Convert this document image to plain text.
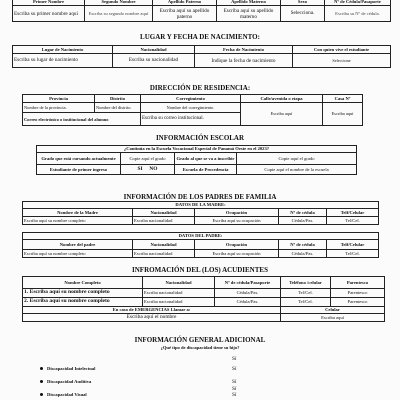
Primer Nombre	Segundo Nombre	Apellido Paterno	Apellido Materno	Sexo	Nº de Cédula/Pasaporte
Escriba su primer nombre aquí	Escriba su segundo nombre aquí	Escriba aquí su apellido paterno	Escriba aquí su apellido materno	Selecciona.	Escriba su Nº de cédula.
LUGAR Y FECHA DE NACIMIENTO:
Lugar de Nacimiento	Nacionalidad	Fecha de Nacimiento	Con quien vive el estudiante
Escriba su lugar de nacimiento	Escriba su nacionalidad	Indique la fecha de nacimiento	Seleccione
DIRECCIÓN DE RESIDENCIA:
Provincia	Distrito	Corregimiento	Calle/avenida o etapa	Casa Nº
Nombre de la provincia.	Nombre del distrito.	Nombre del corregimiento.	Escriba aquí	Escriba aquí
Correo electrónico o institucional del alumno		Escriba su correo institucional.		
INFORMACIÓN ESCOLAR
¿Continúa en la Escuela Vocacional Especial de Panamá Oeste en el 2023?			
Grado que está cursando actualmente	Copie aquí el grado	Grado al que se va a inscribir	Copie aquí el grado
Estudiante de primer ingreso	SI NO	Escuela de Procedencia	Copie aquí el nombre de la escuela
INFORMACIÓN DE LOS PADRES DE FAMILIA
DATOS DE LA MADRE:				
Nombre de la Madre	Nacionalidad	Ocupación	Nº de cédula	Telf/Celular
Escriba aquí su nombre completo	Escriba nacionalidad	Escriba aquí su ocupación	Cédula/Pas.	Tel/Cel.
DATOS DEL PADRE:				
Nombre del padre	Nacionalidad	Ocupación	Nº de cédula	Telf/Celular
Escriba aquí su nombre completo	Escriba nacionalidad	Escriba aquí su ocupación	Cédula/Pas.	Tel/Cel.
INFROMACIÓN DEL (LOS) ACUDIENTES
Nombre Completo	Nacionalidad	Nº de cédula/Pasaporte	Teléfono /celular	Parentesco
1. Escriba aquí su nombre completo	Escriba nacionalidad	Cédula/Pas.	Tel/Cel.	Parentesco
2. Escriba aquí su nombre completo	Escriba nacionalidad	Cédula/Pas.	Tel/Cel.	Parentesco
En caso de EMERGENCIAS Llamar a:			Celular	
Escriba aquí el nombre			Escriba aquí	
INFORMACIÓN GENERAL ADICIONAL
¿Qué tipo de discapacidad tiene su hijo?
Sí
Discapacidad Intelectual	Sí
Discapacidad Auditiva	Sí
Sí
Discapacidad Visual	Sí
